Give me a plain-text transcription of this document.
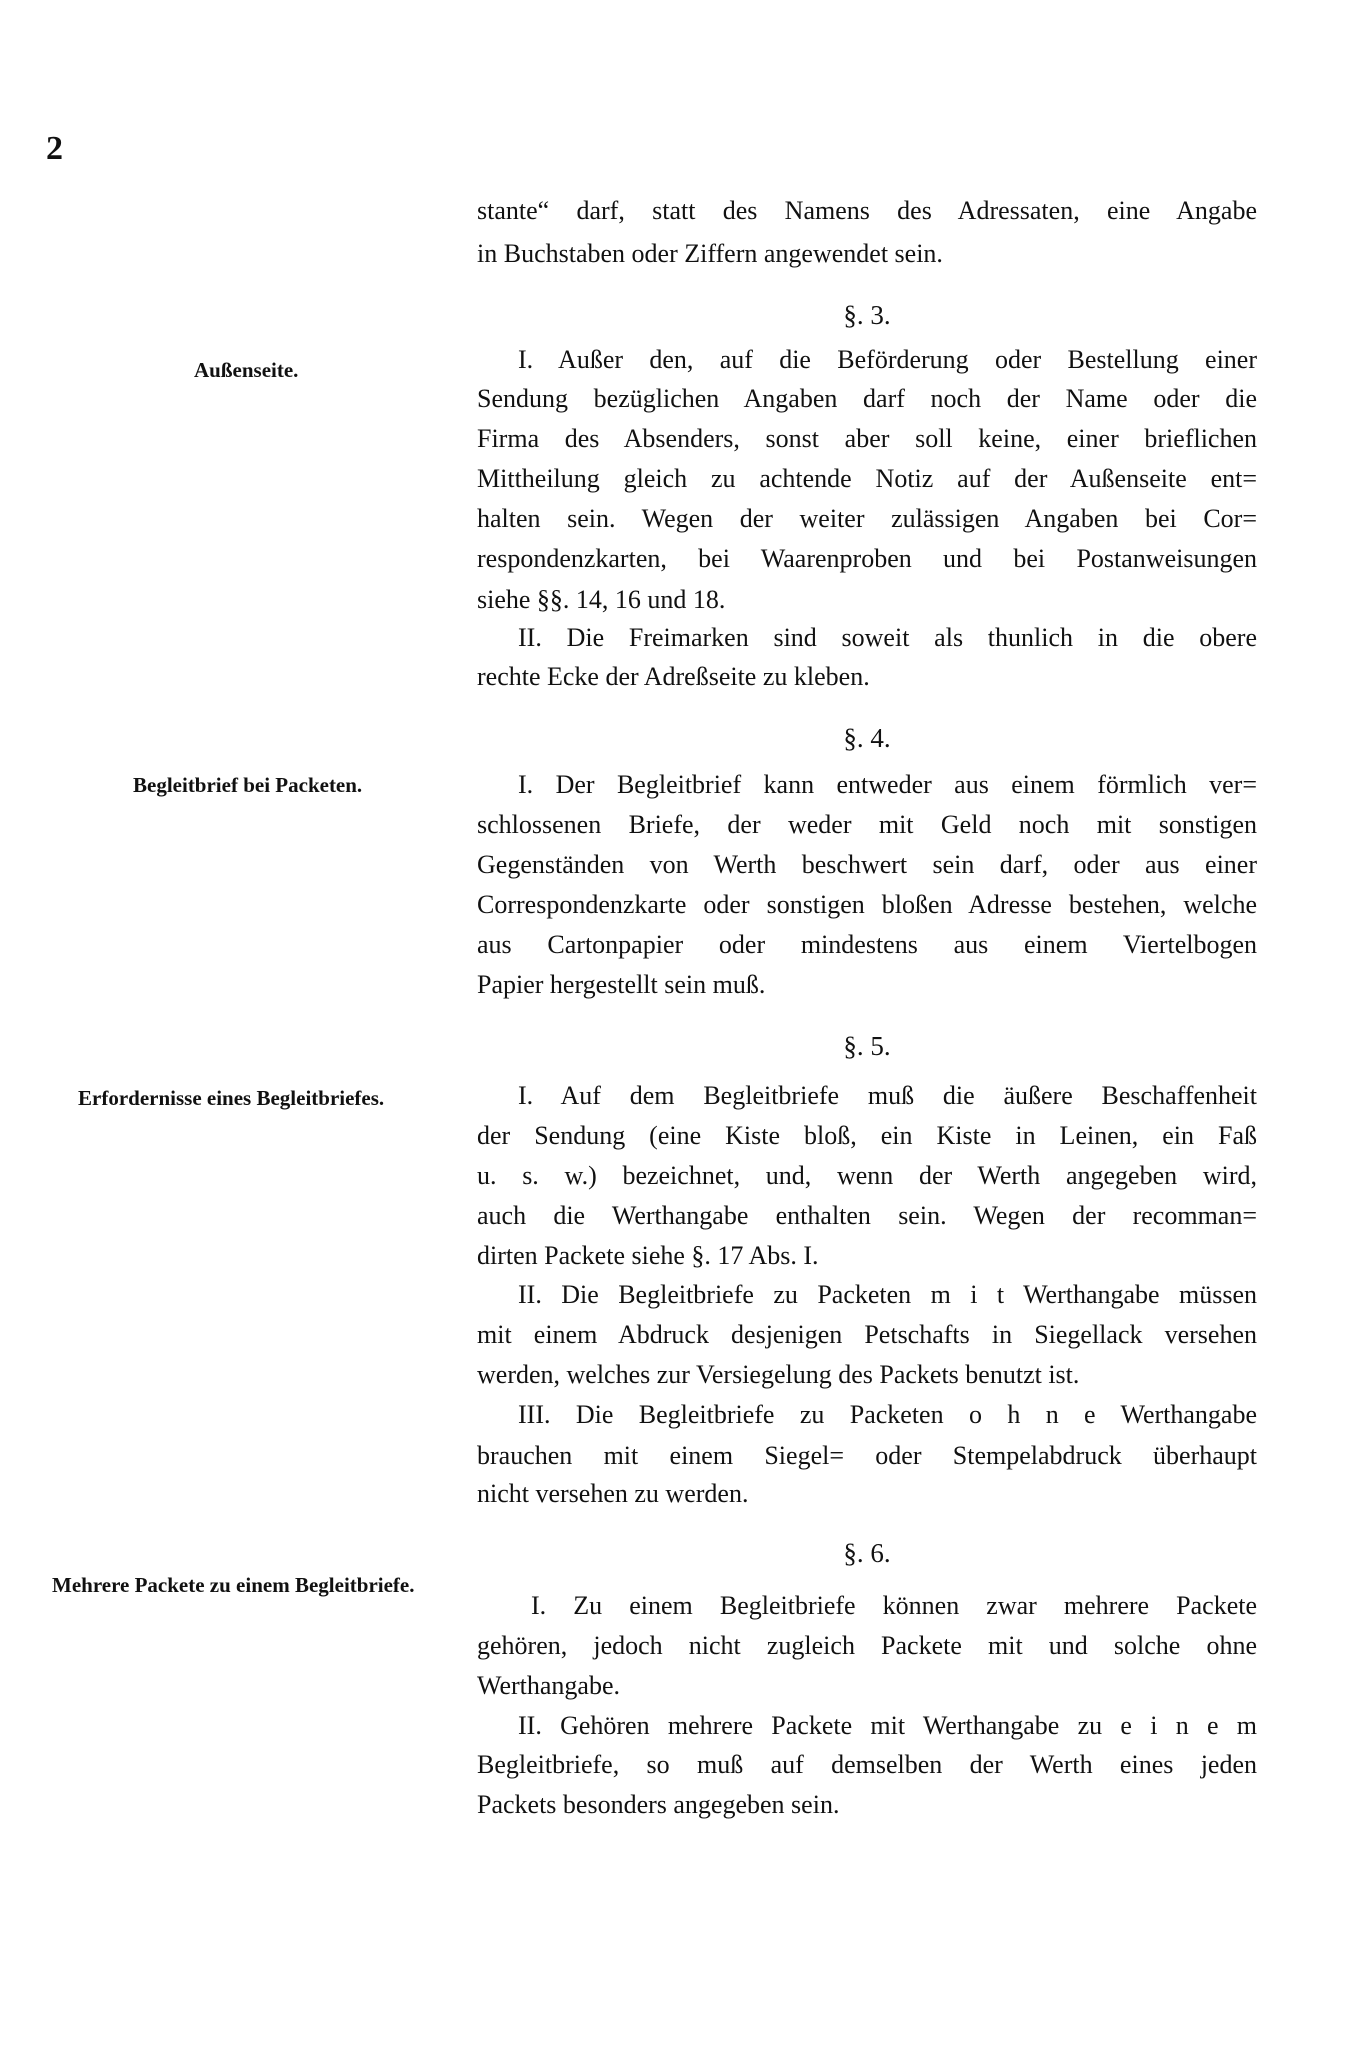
2
stante“ darf, statt des Namens des Adressaten, eine Angabe
in Buchstaben oder Ziffern angewendet sein.
§. 3.
Außenseite.	I. Außer den, auf die Beförderung oder Bestellung einer
Sendung bezüglichen Angaben darf noch der Name oder die
Firma des Absenders, sonst aber soll keine, einer brieflichen
Mittheilung gleich zu achtende Notiz auf der Außenseite ent=
halten sein. Wegen der weiter zulässigen Angaben bei Cor=
respondenzkarten, bei Waarenproben und bei Postanweisungen
siehe §§. 14, 16 und 18.
II. Die Freimarken sind soweit als thunlich in die obere
rechte Ecke der Adreßseite zu kleben.
§. 4.
Begleitbrief bei Packeten.	I. Der Begleitbrief kann entweder aus einem förmlich ver=
schlossenen Briefe, der weder mit Geld noch mit sonstigen
Gegenständen von Werth beschwert sein darf, oder aus einer
Correspondenzkarte oder sonstigen bloßen Adresse bestehen, welche
aus Cartonpapier oder mindestens aus einem Viertelbogen
Papier hergestellt sein muß.
§. 5.
Erfordernisse eines Begleitbriefes.	I. Auf dem Begleitbriefe muß die äußere Beschaffenheit
der Sendung (eine Kiste bloß, ein Kiste in Leinen, ein Faß
u. s. w.) bezeichnet, und, wenn der Werth angegeben wird,
auch die Werthangabe enthalten sein. Wegen der recomman=
dirten Packete siehe §. 17 Abs. I.
II. Die Begleitbriefe zu Packeten m i t Werthangabe müssen
mit einem Abdruck desjenigen Petschafts in Siegellack versehen
werden, welches zur Versiegelung des Packets benutzt ist.
III. Die Begleitbriefe zu Packeten o h n e Werthangabe
brauchen mit einem Siegel= oder Stempelabdruck überhaupt
nicht versehen zu werden.
§. 6.
Mehrere Packete zu einem Begleitbriefe.
I. Zu einem Begleitbriefe können zwar mehrere Packete
gehören, jedoch nicht zugleich Packete mit und solche ohne
Werthangabe.
II. Gehören mehrere Packete mit Werthangabe zu e i n e m
Begleitbriefe, so muß auf demselben der Werth eines jeden
Packets besonders angegeben sein.
